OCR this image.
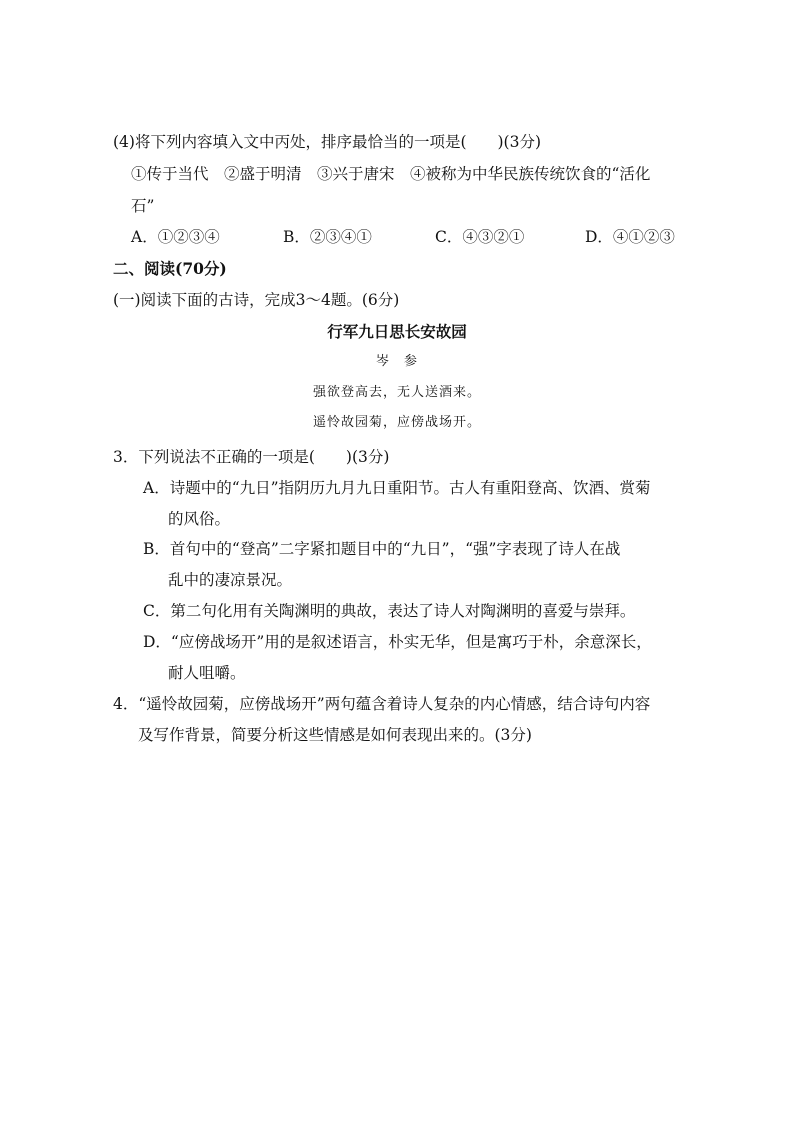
(4)将下列内容填入文中丙处，排序最恰当的一项是(　　)(3分)
①传于当代　②盛于明清　③兴于唐宋　④被称为中华民族传统饮食的“活化
石”
A．①②③④	B．②③④①	C．④③②①	D．④①②③
二、阅读(70分)
(一)阅读下面的古诗，完成3～4题。(6分)
行军九日思长安故园
岑　参
强欲登高去，无人送酒来。
遥怜故园菊，应傍战场开。
3．下列说法不正确的一项是(　　)(3分)
A．诗题中的“九日”指阴历九月九日重阳节。古人有重阳登高、饮酒、赏菊
的风俗。
B．首句中的“登高”二字紧扣题目中的“九日”，“强”字表现了诗人在战
乱中的凄凉景况。
C．第二句化用有关陶渊明的典故，表达了诗人对陶渊明的喜爱与崇拜。
D．“应傍战场开”用的是叙述语言，朴实无华，但是寓巧于朴，余意深长，
耐人咀嚼。
4．“遥怜故园菊，应傍战场开”两句蕴含着诗人复杂的内心情感，结合诗句内容
及写作背景，简要分析这些情感是如何表现出来的。(3分)
